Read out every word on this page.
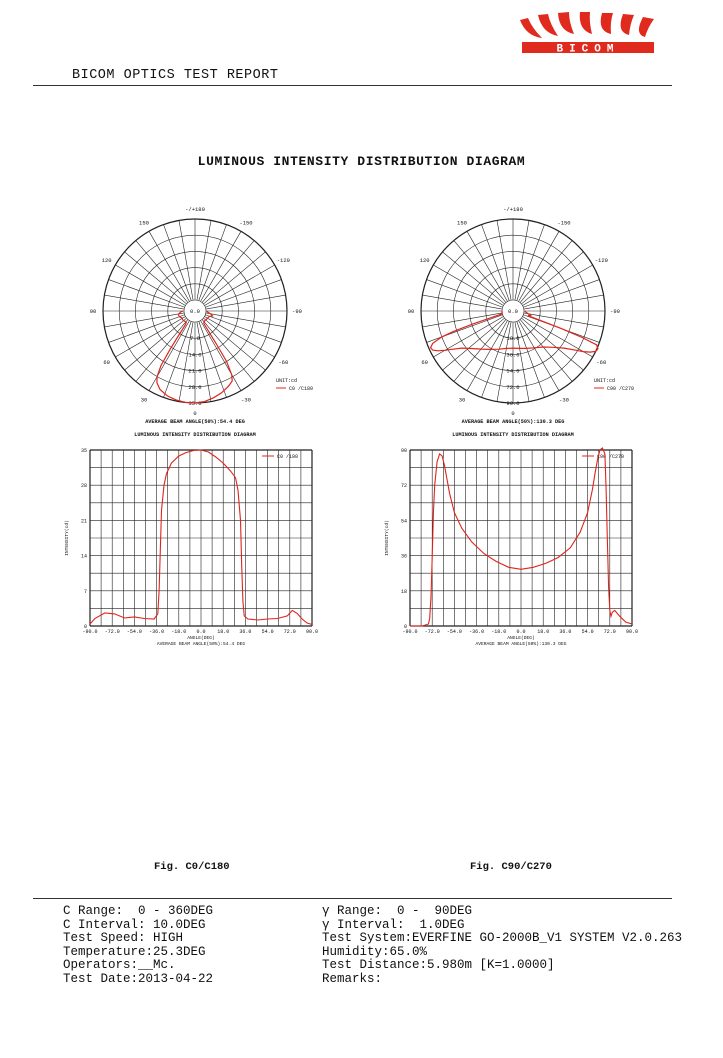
BICOM
BICOM OPTICS TEST REPORT
LUMINOUS INTENSITY DISTRIBUTION DIAGRAM
-/+180
150
120
90
60
30
0
-30
-60
-90
-120
-150
0.0
7.0
14.0
21.0
28.0
35.0
UNIT:cd
C0 /C180
AVERAGE BEAM ANGLE(50%):54.4 DEG
LUMINOUS INTENSITY DISTRIBUTION DIAGRAM
-/+180
150
120
90
60
30
0
-30
-60
-90
-120
-150
0.0
18.0
36.0
54.0
72.0
90.0
UNIT:cd
C90 /C270
AVERAGE BEAM ANGLE(50%):130.3 DEG
LUMINOUS INTENSITY DISTRIBUTION DIAGRAM
-90.0 -72.0 -54.0 -36.0 -18.0 0.0 18.0 36.0 54.0 72.0 90.0
0
7
14
21
28
35
ANGLE(DEG)
AVERAGE BEAM ANGLE(50%):54.4 DEG
INTENSITY(cd)
C0 /180
-90.0 -72.0 -54.0 -36.0 -18.0 0.0 18.0 36.0 54.0 72.0 90.0
0
18
36
54
72
90
ANGLE(DEG)
AVERAGE BEAM ANGLE(50%):130.3 DEG
INTENSITY(cd)
C90 /C270
Fig. C0/C180	Fig. C90/C270
C Range:  0 - 360DEG	γ Range:  0 -  90DEG
C Interval: 10.0DEG	γ Interval:  1.0DEG
Test Speed: HIGH	Test System:EVERFINE GO-2000B_V1 SYSTEM V2.0.263
Temperature:25.3DEG	Humidity:65.0%
Operators:__Mc.	Test Distance:5.980m [K=1.0000]
Test Date:2013-04-22	Remarks:
